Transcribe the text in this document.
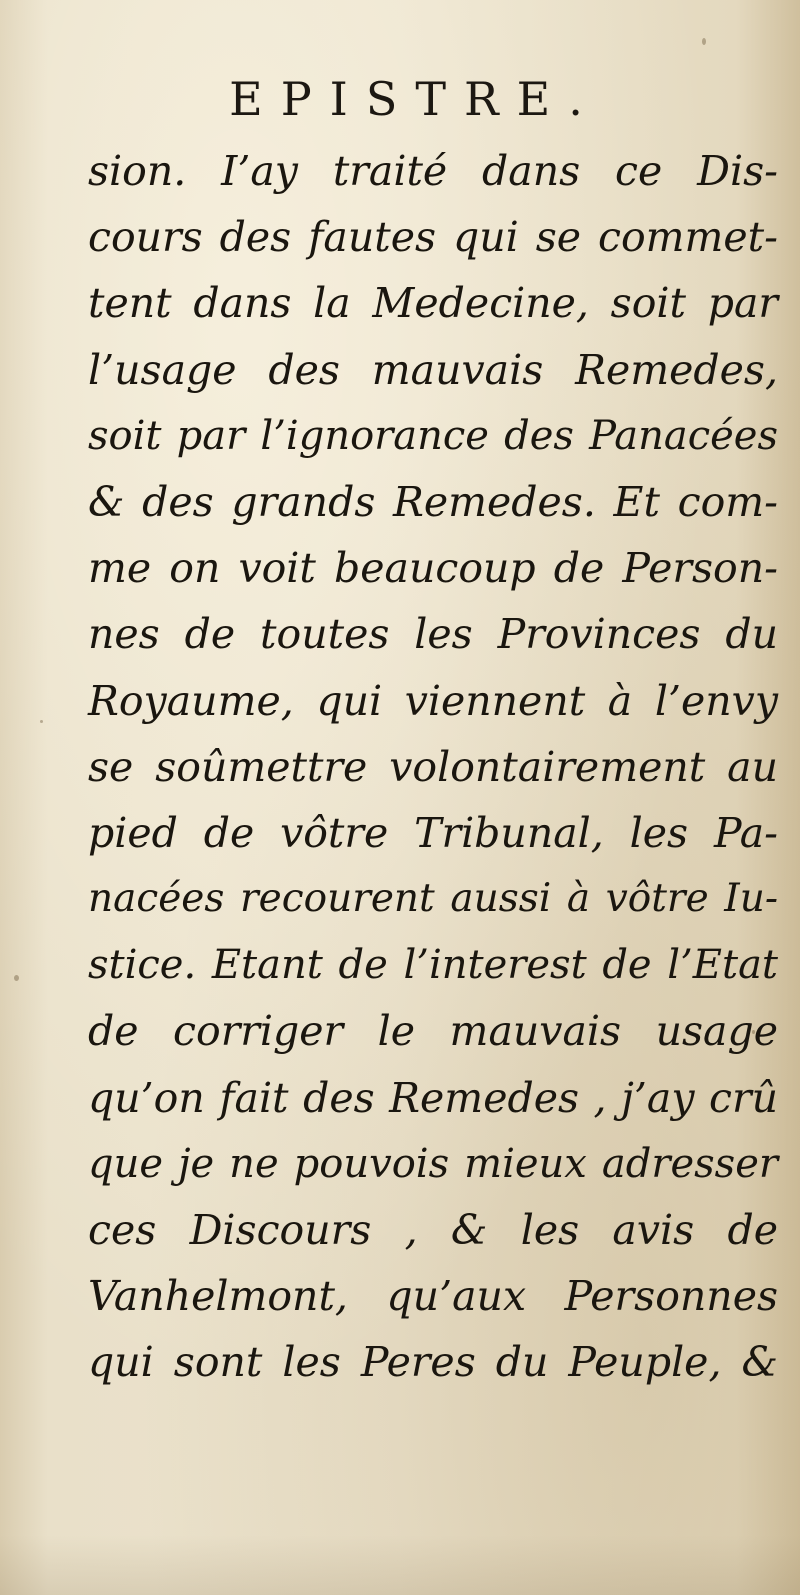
EPISTRE.
sion. I’ay traité dans ce Dis-
cours des fautes qui se commet-
tent dans la Medecine, soit par
l’usage des mauvais Remedes,
soit par l’ignorance des Panacées
& des grands Remedes. Et com-
me on voit beaucoup de Person-
nes de toutes les Provinces du
Royaume, qui viennent à l’envy
se soûmettre volontairement au
pied de vôtre Tribunal, les Pa-
nacées recourent aussi à vôtre Iu-
stice. Etant de l’interest de l’Etat
de corriger le mauvais usage
qu’on fait des Remedes , j’ay crû
que je ne pouvois mieux adresser
ces Discours , & les avis de
Vanhelmont, qu’aux Personnes
qui sont les Peres du Peuple, &
